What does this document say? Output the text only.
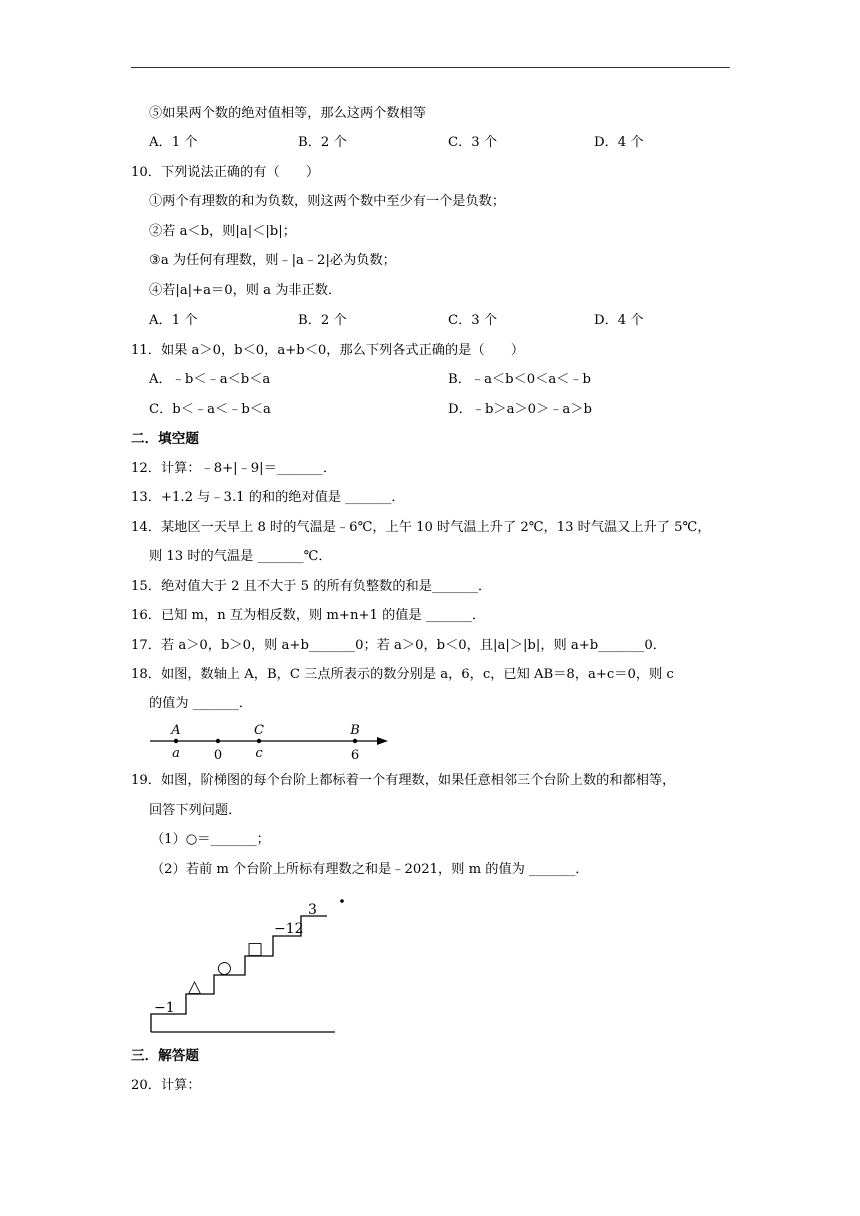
⑤如果两个数的绝对值相等，那么这两个数相等
A．1 个	B．2 个	C．3 个	D．4 个
10．下列说法正确的有（　　）
①两个有理数的和为负数，则这两个数中至少有一个是负数；
②若 a＜b，则|a|＜|b|；
③a 为任何有理数，则﹣|a﹣2|必为负数；
④若|a|+a＝0，则 a 为非正数．
A．1 个	B．2 个	C．3 个	D．4 个
11．如果 a＞0，b＜0，a+b＜0，那么下列各式正确的是（　　）
A．﹣b＜﹣a＜b＜a	B．﹣a＜b＜0＜a＜﹣b
C．b＜﹣a＜﹣b＜a	D．﹣b＞a＞0＞﹣a＞b
二．填空题
12．计算：﹣8+|﹣9|＝_______．
13．+1.2 与﹣3.1 的和的绝对值是 _______．
14．某地区一天早上 8 时的气温是﹣6℃，上午 10 时气温上升了 2℃，13 时气温又上升了 5℃，
则 13 时的气温是 _______℃．
15．绝对值大于 2 且不大于 5 的所有负整数的和是_______．
16．已知 m，n 互为相反数，则 m+n+1 的值是 _______．
17．若 a＞0，b＞0，则 a+b_______0；若 a＞0，b＜0，且|a|＞|b|，则 a+b_______0．
18．如图，数轴上 A，B，C 三点所表示的数分别是 a，6，c，已知 AB＝8，a+c＝0，则 c
的值为 _______．
A	C	B
a	0	c	6
19．如图，阶梯图的每个台阶上都标着一个有理数，如果任意相邻三个台阶上数的和都相等，
回答下列问题．
（1）○＝_______；
（2）若前 m 个台阶上所标有理数之和是﹣2021，则 m 的值为 _______．
−1
△
○
□
−12
3
三．解答题
20．计算：
